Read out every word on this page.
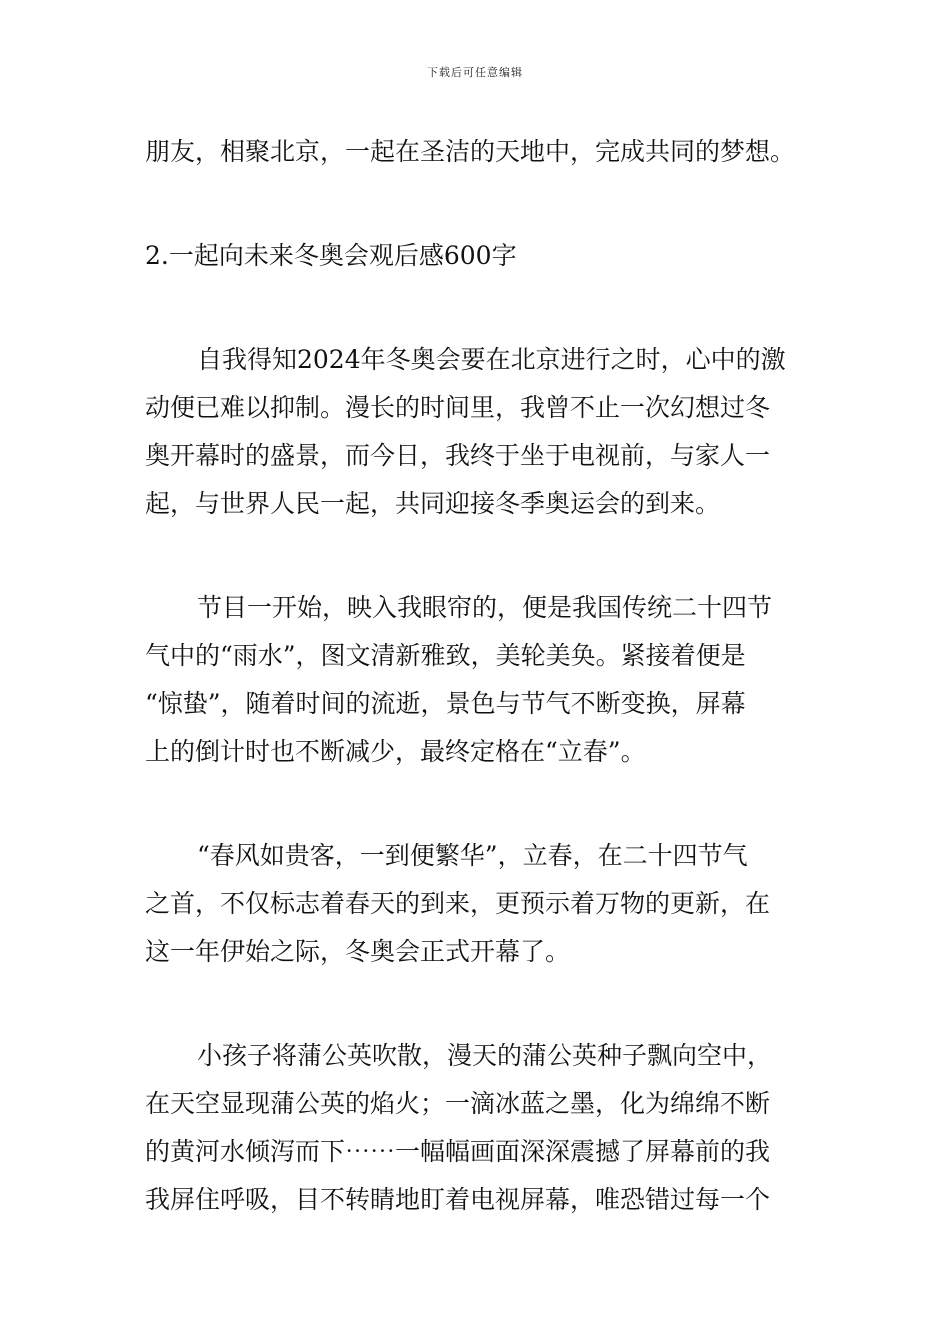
下载后可任意编辑
朋友，相聚北京，一起在圣洁的天地中，完成共同的梦想。
2.一起向未来冬奥会观后感600字
自我得知2024年冬奥会要在北京进行之时，心中的激
动便已难以抑制。漫长的时间里，我曾不止一次幻想过冬
奥开幕时的盛景，而今日，我终于坐于电视前，与家人一
起，与世界人民一起，共同迎接冬季奥运会的到来。
节目一开始，映入我眼帘的，便是我国传统二十四节
气中的“雨水”，图文清新雅致，美轮美奂。紧接着便是
“惊蛰”，随着时间的流逝，景色与节气不断变换，屏幕
上的倒计时也不断减少，最终定格在“立春”。
“春风如贵客，一到便繁华”，立春，在二十四节气
之首，不仅标志着春天的到来，更预示着万物的更新，在
这一年伊始之际，冬奥会正式开幕了。
小孩子将蒲公英吹散，漫天的蒲公英种子飘向空中，
在天空显现蒲公英的焰火；一滴冰蓝之墨，化为绵绵不断
的黄河水倾泻而下⋯⋯一幅幅画面深深震撼了屏幕前的我
我屏住呼吸，目不转睛地盯着电视屏幕，唯恐错过每一个
